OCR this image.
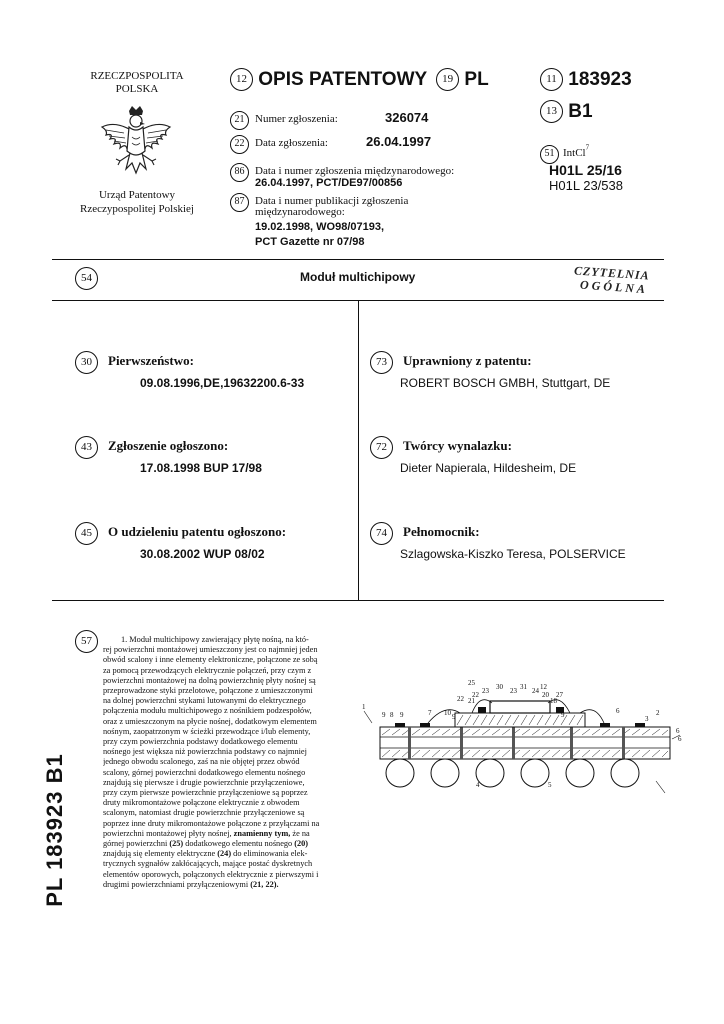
RZECZPOSPOLITA
POLSKA
Urząd Patentowy
Rzeczypospolitej Polskiej
12 OPIS PATENTOWY 19 PL
21 Numer zgłoszenia:	326074
22 Data zgłoszenia:	26.04.1997
86 Data i numer zgłoszenia międzynarodowego:
26.04.1997, PCT/DE97/00856
87 Data i numer publikacji zgłoszenia
międzynarodowego:
19.02.1998, WO98/07193,
PCT Gazette nr 07/98
11 183923
13 B1
51 IntCl$^7$
H01L 25/16
H01L 23/538
54	Moduł multichipowy	CZYTELNIA
OGÓLNA
30 Pierwszeństwo:
09.08.1996,DE,19632200.6-33
43 Zgłoszenie ogłoszono:
17.08.1998 BUP 17/98
45 O udzieleniu patentu ogłoszono:
30.08.2002 WUP 08/02
73 Uprawniony z patentu:
ROBERT BOSCH GMBH, Stuttgart, DE
72 Twórcy wynalazku:
Dieter Napierala, Hildesheim, DE
74 Pełnomocnik:
Szlagowska-Kiszko Teresa, POLSERVICE
57	1. Moduł multichipowy zawierający płytę nośną, na któ-
rej powierzchni montażowej umieszczony jest co najmniej jeden
obwód scalony i inne elementy elektroniczne, połączone ze sobą
za pomocą przewodzących elektrycznie połączeń, przy czym z
powierzchni montażowej na dolną powierzchnię płyty nośnej są
przeprowadzone styki przelotowe, połączone z umieszczonymi
na dolnej powierzchni stykami lutowanymi do elektrycznego
połączenia modułu multichipowego z nośnikiem podzespołów,
oraz z umieszczonym na płycie nośnej, dodatkowym elementem
nośnym, zaopatrzonym w ścieżki przewodzące i/lub elementy,
przy czym powierzchnia podstawy dodatkowego elementu
nośnego jest większa niż powierzchnia podstawy co najmniej
jednego obwodu scalonego, zaś na nie objętej przez obwód
scalony, górnej powierzchni dodatkowego elementu nośnego
znajdują się pierwsze i drugie powierzchnie przyłączeniowe,
przy czym pierwsze powierzchnie przyłączeniowe są poprzez
druty mikromontażowe połączone elektrycznie z obwodem
scalonym, natomiast drugie powierzchnie przyłączeniowe są
poprzez inne druty mikromontażowe połączone z przyłączami na
powierzchni montażowej płyty nośnej, znamienny tym, że na
górnej powierzchni (25) dodatkowego elementu nośnego (20)
znajdują się elementy elektryczne (24) do eliminowania elek-
trycznych sygnałów zakłócających, mające postać dyskretnych
elementów oporowych, połączonych elektrycznie z pierwszymi i
drugimi powierzchniami przyłączeniowymi (21, 22).
1
25
23 30 23 31 24 12
22 21
22	20
18
27
10	9
9
9 8 9	7	6	2
3
6
6
4	5
PL 183923 B1
